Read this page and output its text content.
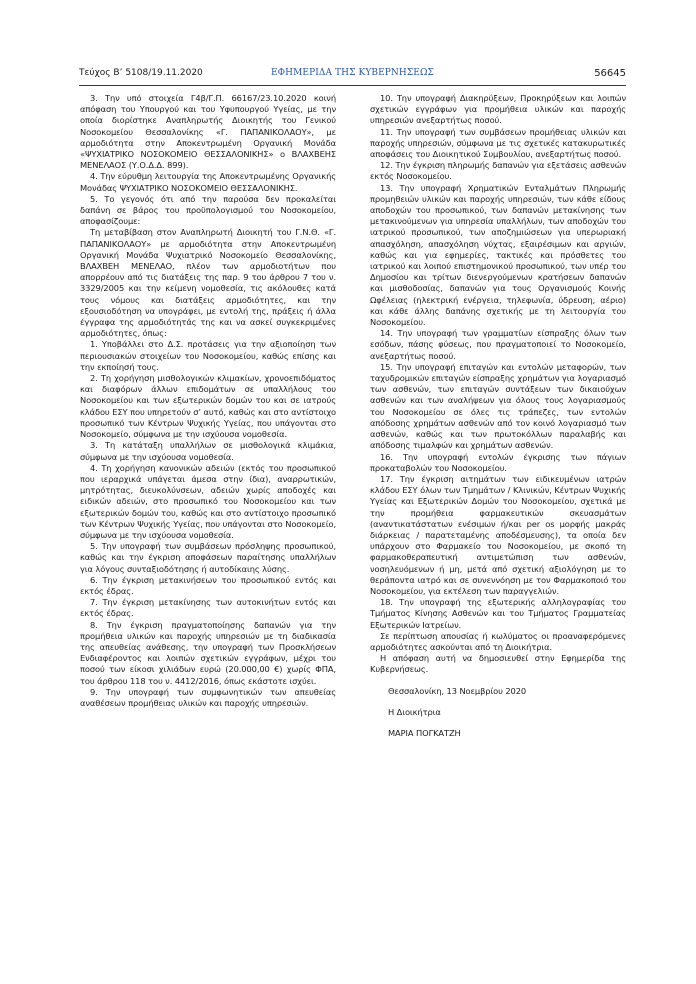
Τεύχος Β’ 5108/19.11.2020	ΕΦΗΜΕΡΙΔΑ ΤΗΣ ΚΥΒΕΡΝΗΣΕΩΣ	56645

3. Την υπό στοιχεία Γ4β/Γ.Π. 66167/23.10.2020 κοινή απόφαση του Υπουργού και του Υφυπουργού Υγείας, με την οποία διορίστηκε Αναπληρωτής Διοικητής του Γενικού Νοσοκομείου Θεσσαλονίκης «Γ. ΠΑΠΑΝΙΚΟΛΑΟΥ», με αρμοδιότητα στην Αποκεντρωμένη Οργανική Μονάδα «ΨΥΧΙΑΤΡΙΚΟ ΝΟΣΟΚΟΜΕΙΟ ΘΕΣΣΑΛΟΝΙΚΗΣ» ο ΒΛΑΧΒΕΗΣ ΜΕΝΕΛΑΟΣ (Υ.Ο.Δ.Δ. 899).

4. Την εύρυθμη λειτουργία της Αποκεντρωμένης Οργανικής Μονάδας ΨΥΧΙΑΤΡΙΚΟ ΝΟΣΟΚΟΜΕΙΟ ΘΕΣΣΑΛΟΝΙΚΗΣ.

5. Το γεγονός ότι από την παρούσα δεν προκαλείται δαπάνη σε βάρος του προϋπολογισμού του Νοσοκομείου, αποφασίζουμε:

Τη μεταβίβαση στον Αναπληρωτή Διοικητή του Γ.Ν.Θ. «Γ. ΠΑΠΑΝΙΚΟΛΑΟΥ» με αρμοδιότητα στην Αποκεντρωμένη Οργανική Μονάδα Ψυχιατρικό Νοσοκομείο Θεσσαλονίκης, ΒΛΑΧΒΕΗ ΜΕΝΕΛΑΟ, πλέον των αρμοδιοτήτων που απορρέουν από τις διατάξεις της παρ. 9 του άρθρου 7 του ν. 3329/2005 και την κείμενη νομοθεσία, τις ακόλουθες κατά τους νόμους και διατάξεις αρμοδιότητες, και την εξουσιοδότηση να υπογράφει, με εντολή της, πράξεις ή άλλα έγγραφα της αρμοδιότητάς της και να ασκεί συγκεκριμένες αρμοδιότητες, όπως:

1. Υποβάλλει στο Δ.Σ. προτάσεις για την αξιοποίηση των περιουσιακών στοιχείων του Νοσοκομείου, καθώς επίσης και την εκποίησή τους.

2. Τη χορήγηση μισθολογικών κλιμακίων, χρονοεπιδόματος και διαφόρων άλλων επιδομάτων σε υπαλλήλους του Νοσοκομείου και των εξωτερικών δομών του και σε ιατρούς κλάδου ΕΣΥ που υπηρετούν σ’ αυτό, καθώς και στο αντίστοιχο προσωπικό των Κέντρων Ψυχικής Υγείας, που υπάγονται στο Νοσοκομείο, σύμφωνα με την ισχύουσα νομοθεσία.

3. Τη κατάταξη υπαλλήλων σε μισθολογικά κλιμάκια, σύμφωνα με την ισχύουσα νομοθεσία.

4. Τη χορήγηση κανονικών αδειών (εκτός του προσωπικού που ιεραρχικά υπάγεται άμεσα στην ίδια), αναρρωτικών, μητρότητας, διευκολύνσεων, αδειών χωρίς αποδοχές και ειδικών αδειών, στο προσωπικό του Νοσοκομείου και των εξωτερικών δομών του, καθώς και στο αντίστοιχο προσωπικό των Κέντρων Ψυχικής Υγείας, που υπάγονται στο Νοσοκομείο, σύμφωνα με την ισχύουσα νομοθεσία.

5. Την υπογραφή των συμβάσεων πρόσληψης προσωπικού, καθώς και την έγκριση αποφάσεων παραίτησης υπαλλήλων για λόγους συνταξιοδότησης ή αυτοδίκαιης λύσης.

6. Την έγκριση μετακινήσεων του προσωπικού εντός και εκτός έδρας.

7. Την έγκριση μετακίνησης των αυτοκινήτων εντός και εκτός έδρας.

8. Την έγκριση πραγματοποίησης δαπανών για την προμήθεια υλικών και παροχής υπηρεσιών με τη διαδικασία της απευθείας ανάθεσης, την υπογραφή των Προσκλήσεων Ενδιαφέροντος και λοιπών σχετικών εγγράφων, μέχρι του ποσού των είκοσι χιλιάδων ευρώ (20.000,00 €) χωρίς ΦΠΑ, του άρθρου 118 του ν. 4412/2016, όπως εκάστοτε ισχύει.

9. Την υπογραφή των συμφωνητικών των απευθείας αναθέσεων προμήθειας υλικών και παροχής υπηρεσιών.

10. Την υπογραφή Διακηρύξεων, Προκηρύξεων και λοιπών σχετικών εγγράφων για προμήθεια υλικών και παροχής υπηρεσιών ανεξαρτήτως ποσού.

11. Την υπογραφή των συμβάσεων προμήθειας υλικών και παροχής υπηρεσιών, σύμφωνα με τις σχετικές κατακυρωτικές αποφάσεις του Διοικητικού Συμβουλίου, ανεξαρτήτως ποσού.

12. Την έγκριση πληρωμής δαπανών για εξετάσεις ασθενών εκτός Νοσοκομείου.

13. Την υπογραφή Χρηματικών Ενταλμάτων Πληρωμής προμηθειών υλικών και παροχής υπηρεσιών, των κάθε είδους αποδοχών του προσωπικού, των δαπανών μετακίνησης των μετακινούμενων για υπηρεσία υπαλλήλων, των αποδοχών του ιατρικού προσωπικού, των αποζημιώσεων για υπερωριακή απασχόληση, απασχόληση νύχτας, εξαιρέσιμων και αργιών, καθώς και για εφημερίες, τακτικές και πρόσθετες του ιατρικού και λοιπού επιστημονικού προσωπικού, των υπέρ του Δημοσίου και τρίτων διενεργούμενων κρατήσεων δαπανών και μισθοδοσίας, δαπανών για τους Οργανισμούς Κοινής Ωφέλειας (ηλεκτρική ενέργεια, τηλεφωνία, ύδρευση, αέριο) και κάθε άλλης δαπάνης σχετικής με τη λειτουργία του Νοσοκομείου.

14. Την υπογραφή των γραμματίων είσπραξης όλων των εσόδων, πάσης φύσεως, που πραγματοποιεί το Νοσοκομείο, ανεξαρτήτως ποσού.

15. Την υπογραφή επιταγών και εντολών μεταφορών, των ταχυδρομικών επιταγών είσπραξης χρημάτων για λογαριασμό των ασθενών, των επιταγών συντάξεων των δικαιούχων ασθενών και των αναλήψεων για όλους τους λογαριασμούς του Νοσοκομείου σε όλες τις τράπεζες, των εντολών απόδοσης χρημάτων ασθενών από τον κοινό λογαριασμό των ασθενών, καθώς και των πρωτοκόλλων παραλαβής και απόδοσης τιμαλφών και χρημάτων ασθενών.

16. Την υπογραφή εντολών έγκρισης των πάγιων προκαταβολών του Νοσοκομείου.

17. Την έγκριση αιτημάτων των ειδικευμένων ιατρών κλάδου ΕΣΥ όλων των Τμημάτων / Κλινικών, Κέντρων Ψυχικής Υγείας και Εξωτερικών Δομών του Νοσοκομείου, σχετικά με την προμήθεια φαρμακευτικών σκευασμάτων (αναντικατάστατων ενέσιμων ή/και per os μορφής μακράς διάρκειας / παρατεταμένης αποδέσμευσης), τα οποία δεν υπάρχουν στο Φαρμακείο του Νοσοκομείου, με σκοπό τη φαρμακοθεραπευτική αντιμετώπιση των ασθενών, νοσηλευόμενων ή μη, μετά από σχετική αξιολόγηση με το θεράποντα ιατρό και σε συνεννόηση με τον Φαρμακοποιό του Νοσοκομείου, για εκτέλεση των παραγγελιών.

18. Την υπογραφή της εξωτερικής αλληλογραφίας του Τμήματος Κίνησης Ασθενών και του Τμήματος Γραμματείας Εξωτερικών Ιατρείων.

Σε περίπτωση απουσίας ή κωλύματος οι προαναφερόμενες αρμοδιότητες ασκούνται από τη Διοικήτρια.

Η απόφαση αυτή να δημοσιευθεί στην Εφημερίδα της Κυβερνήσεως.

Θεσσαλονίκη, 13 Νοεμβρίου 2020
Η Διοικήτρια
ΜΑΡΙΑ ΠΟΓΚΑΤΖΗ
